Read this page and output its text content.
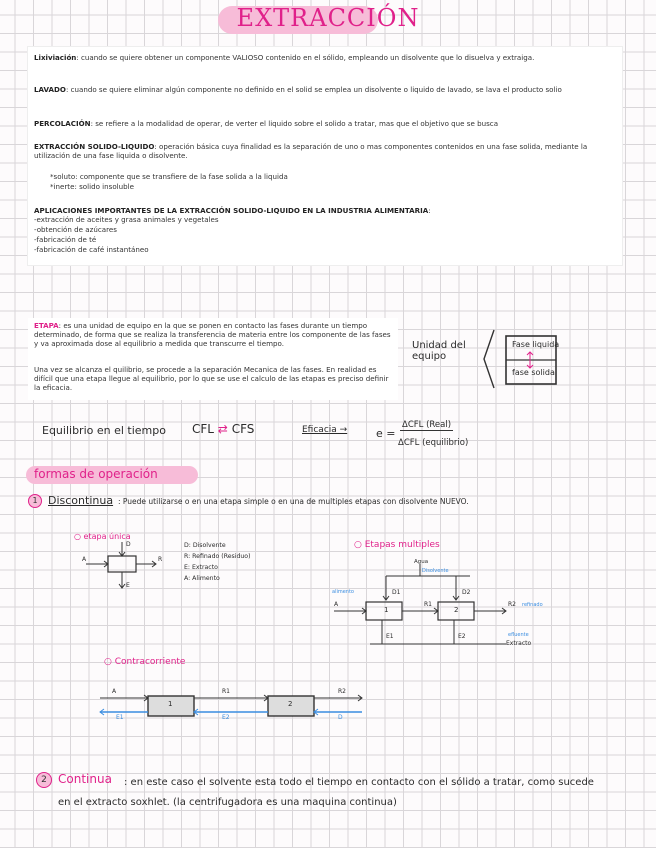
EXTRACCIÓN

Lixiviación: cuando se quiere obtener un componente VALIOSO contenido en el sólido, empleando un disolvente que lo disuelva y extraiga.

LAVADO: cuando se quiere eliminar algún componente no definido en el solid se emplea un disolvente o liquido de lavado, se lava el producto solio

PERCOLACIÓN: se refiere a la modalidad de operar, de verter el liquido sobre el solido a tratar, mas que el objetivo que se busca

EXTRACCIÓN SOLIDO-LIQUIDO: operación básica cuya finalidad es la separación de uno o mas componentes contenidos en una fase solida, mediante la utilización de una fase liquida o disolvente.

*soluto: componente que se transfiere de la fase solida a la liquida

*inerte: solido insoluble

APLICACIONES IMPORTANTES DE LA EXTRACCIÓN SOLIDO-LIQUIDO EN LA INDUSTRIA ALIMENTARIA:

-extracción de aceites y grasa animales y vegetales

-obtención de azúcares

-fabricación de té

-fabricación de café instantáneo

ETAPA: es una unidad de equipo en la que se ponen en contacto las fases durante un tiempo determinado, de forma que se realiza la transferencia de materia entre los componente de las fases y va aproximada dose al equilibrio a medida que transcurre el tiempo.

Una vez se alcanza el quilibrio, se procede a la separación Mecanica de las fases. En realidad es difícil que una etapa llegue al equilibrio, por lo que se use el calculo de las etapas es preciso definir la eficacia.

Unidad del equipo
Fase liquida
fase solida
Equilibrio en el tiempo CFL ⇄ CFS	Eficacia →	e =
ΔCFL (Real)
ΔCFL (equilibrio)
formas de operación
1 Discontinua : Puede utilizarse o en una etapa simple o en una de multiples etapas con disolvente NUEVO.
○ etapa única
D
A	R
E
D: Disolvente
R: Refinado (Residuo)
E: Extracto
A: Alimento
○ Etapas multiples
1	2
D1	D2
A	R1	R2
E1	E2
Agua
Disolvente
alimento
refinado
efluente
Extracto
○ Contracorriente
1	2
A	R1	R2
E1	E2	D
2 Continua	: en este caso el solvente esta todo el tiempo en contacto con el sólido a tratar, como sucede en el extracto soxhlet. (la centrifugadora es una maquina continua)
